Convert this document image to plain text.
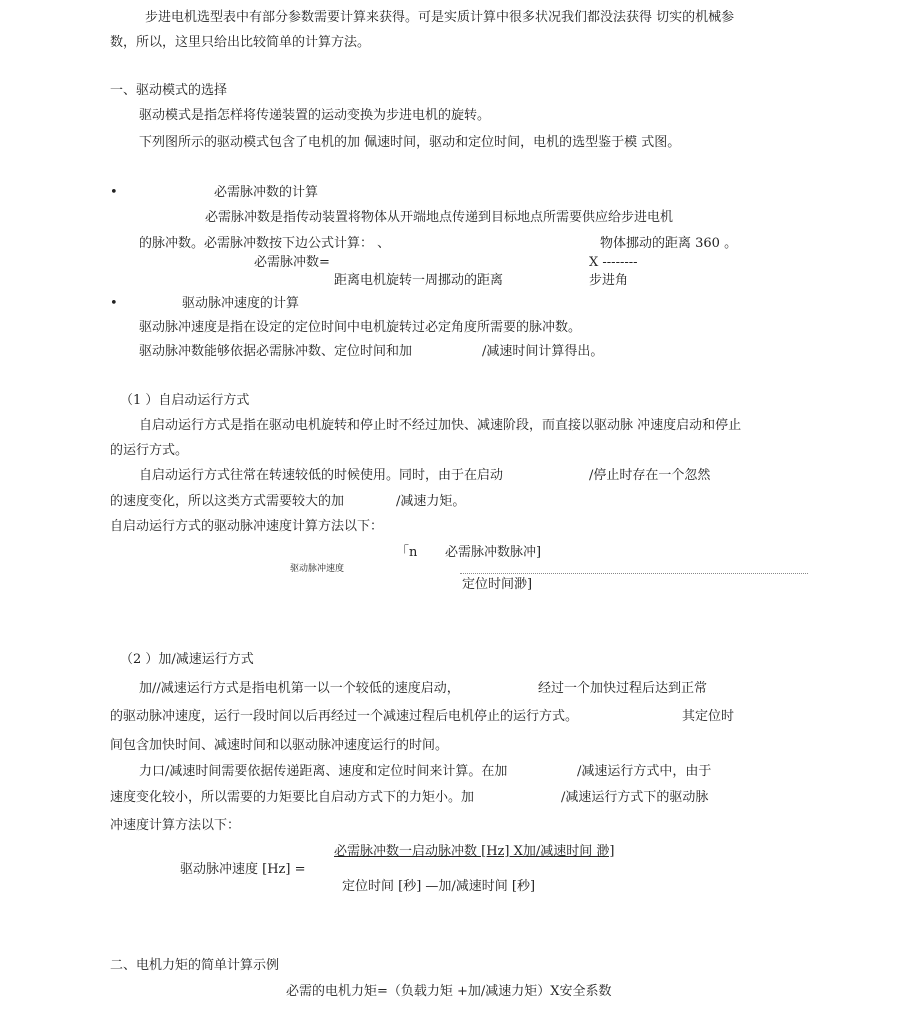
步进电机选型表中有部分参数需要计算来获得。可是实质计算中很多状况我们都没法获得 切实的机械参
数，所以，这里只给出比较简单的计算方法。
一、驱动模式的选择
驱动模式是指怎样将传递装置的运动变换为步进电机的旋转。
下列图所示的驱动模式包含了电机的加 佩速时间，驱动和定位时间，电机的选型鉴于模 式图。
•	必需脉冲数的计算
必需脉冲数是指传动装置将物体从开端地点传递到目标地点所需要供应给步进电机
的脉冲数。必需脉冲数按下边公式计算： 、	物体挪动的距离 360 。
必需脉冲数=	X --------
距离电机旋转一周挪动的距离	步进角
•	驱动脉冲速度的计算
驱动脉冲速度是指在设定的定位时间中电机旋转过必定角度所需要的脉冲数。
驱动脉冲数能够依据必需脉冲数、定位时间和加	/减速时间计算得出。
（1 ）自启动运行方式
自启动运行方式是指在驱动电机旋转和停止时不经过加快、减速阶段，而直接以驱动脉 冲速度启动和停止
的运行方式。
自启动运行方式往常在转速较低的时候使用。同时，由于在启动	/停止时存在一个忽然
的速度变化，所以这类方式需要较大的加	/减速力矩。
自启动运行方式的驱动脉冲速度计算方法以下：
「n 必需脉冲数脉冲]
驱动脉冲速度
定位时间渺]
（2 ）加/减速运行方式
加//减速运行方式是指电机第一以一个较低的速度启动，	经过一个加快过程后达到正常
的驱动脉冲速度，运行一段时间以后再经过一个减速过程后电机停止的运行方式。	其定位时
间包含加快时间、减速时间和以驱动脉冲速度运行的时间。
力口/减速时间需要依据传递距离、速度和定位时间来计算。在加	/减速运行方式中，由于
速度变化较小，所以需要的力矩要比自启动方式下的力矩小。加	/减速运行方式下的驱动脉
冲速度计算方法以下：
必需脉冲数一启动脉冲数 [Hz] X加/减速时间 渺]
驱动脉冲速度 [Hz] =
定位时间 [秒] —加/减速时间 [秒]
二、电机力矩的简单计算示例
必需的电机力矩=（负载力矩 +加/减速力矩）X安全系数
